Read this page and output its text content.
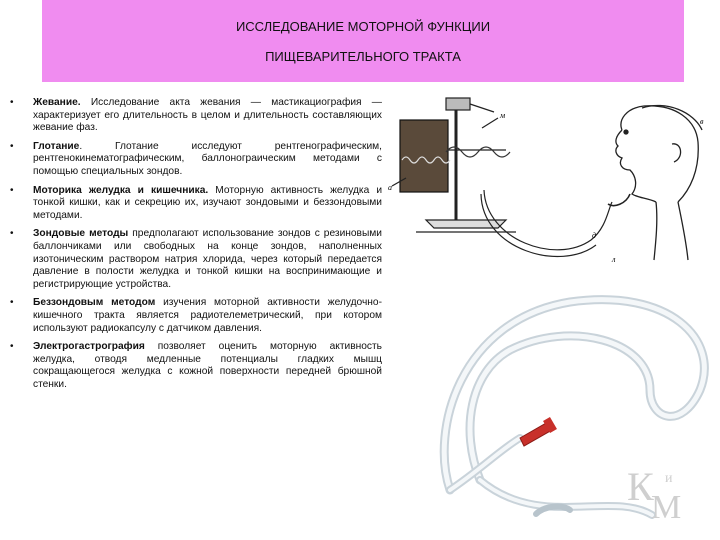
ИССЛЕДОВАНИЕ МОТОРНОЙ ФУНКЦИИ
ПИЩЕВАРИТЕЛЬНОГО ТРАКТА
• Жевание. Исследование акта жевания — мастикациография — характеризует его длительность в целом и длительность составляющих жевание фаз.
• Глотание. Глотание исследуют рентгенографическим, рентгенокинематографическим, баллонограическим методами с помощью специальных зондов.
• Моторика желудка и кишечника. Моторную активность желудка и тонкой кишки, как и секрецию их, изучают зондовыми и беззондовыми методами.
• Зондовые методы предполагают использование зондов с резиновыми баллончиками или свободных на конце зондов, наполненных изотоническим раствором натрия хлорида, через который передается давление в полости желудка и тонкой кишки на воспринимающие и регистрирующие устройства.
• Беззондовым методом изучения моторной активности желудочно-кишечного тракта является радиотелеметрический, при котором используют радиокапсулу с датчиком давления.
• Электрогастрография позволяет оценить моторную активность желудка, отводя медленные потенциалы гладких мышц сокращающегося желудка с кожной поверхности передней брюшной стенки.
а
в
м
д
л
К и
М
